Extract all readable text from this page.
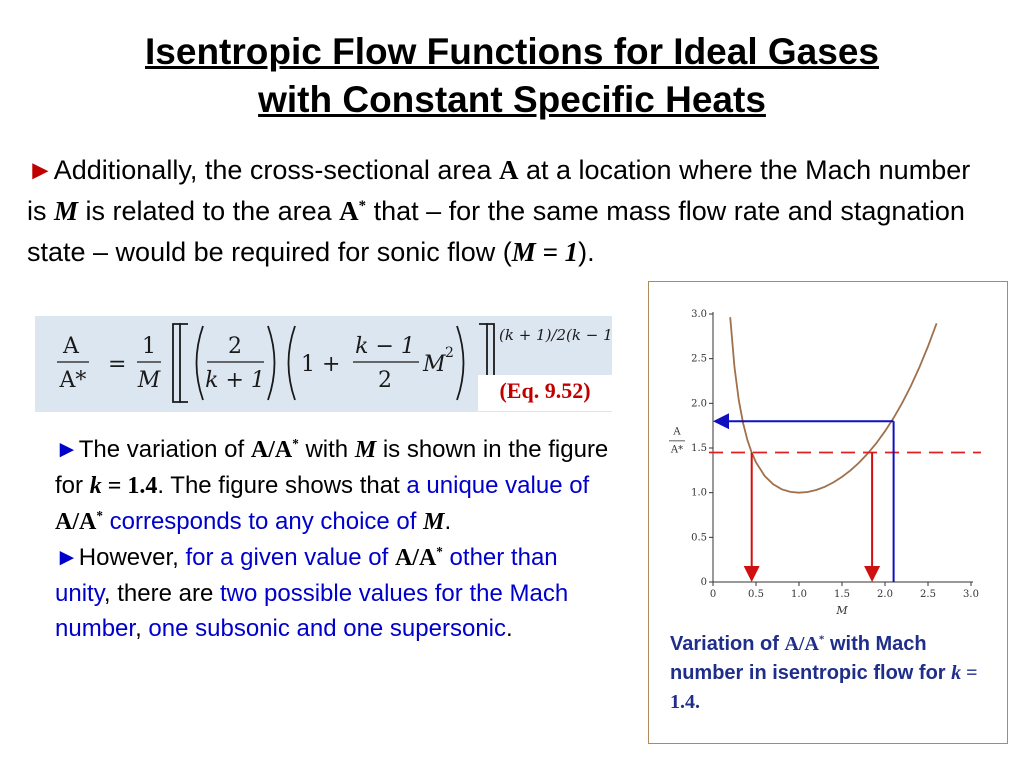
Isentropic Flow Functions for Ideal Gases
with Constant Specific Heats
►Additionally, the cross-sectional area A at a location where the Mach number is M is related to the area A* that – for the same mass flow rate and stagnation state – would be required for sonic flow (M = 1).
A
A*
=
1
M
2
k + 1
1 +
k − 1
2
M 2
(k + 1)/2(k − 1)
(Eq. 9.52)
►The variation of A/A* with M is shown in the figure for k = 1.4. The figure shows that a unique value of A/A* corresponds to any choice of M.
►However, for a given value of A/A* other than unity, there are two possible values for the Mach number, one subsonic and one supersonic.
0	0.5	1.0	1.5	2.0	2.5	3.0
0
0.5
1.0
1.5
2.0
2.5
3.0
M
A
A*
Variation of A/A* with Mach number in isentropic flow for k = 1.4.
